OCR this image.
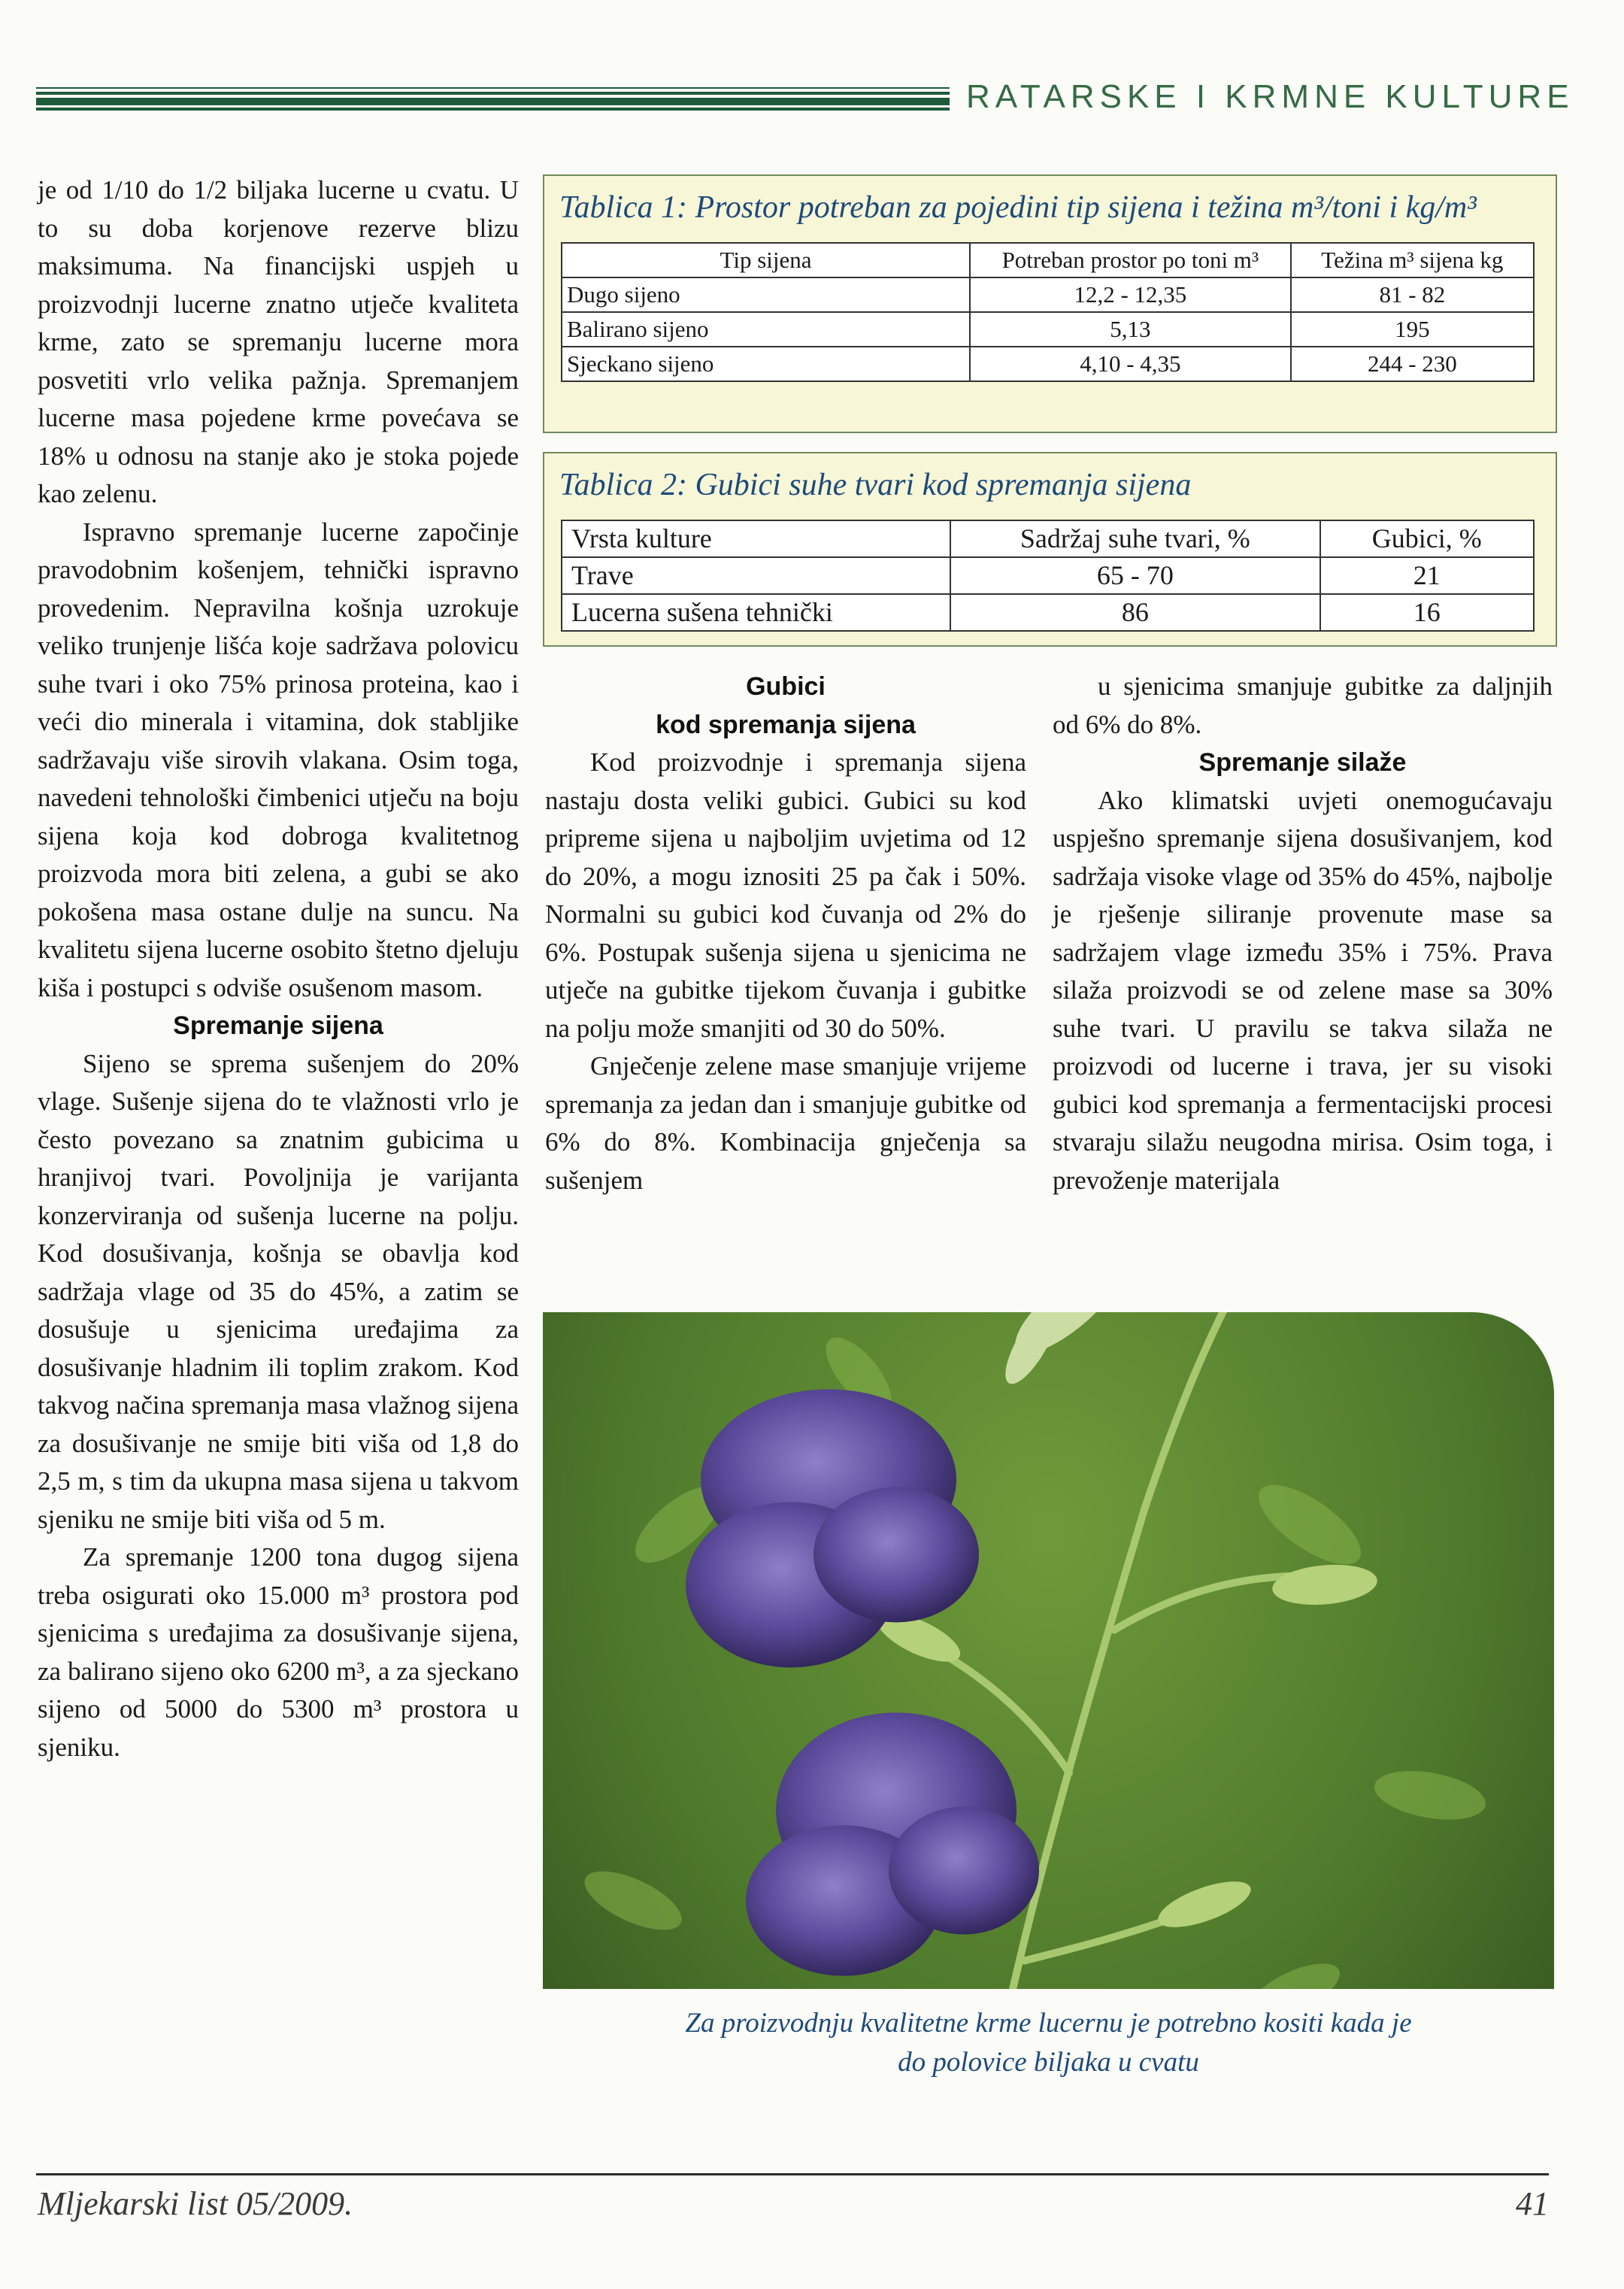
RATARSKE I KRMNE KULTURE

je od 1/10 do 1/2 biljaka lucerne u cvatu. U to su doba korjenove rezerve blizu maksimuma. Na financijski uspjeh u proizvodnji lucerne znatno utječe kvaliteta krme, zato se spremanju lucerne mora posvetiti vrlo velika pažnja. Spremanjem lucerne masa pojedene krme povećava se 18% u odnosu na stanje ako je stoka pojede kao zelenu.

Ispravno spremanje lucerne započinje pravodobnim košenjem, tehnički ispravno provedenim. Nepravilna košnja uzrokuje veliko trunjenje lišća koje sadržava polovicu suhe tvari i oko 75% prinosa proteina, kao i veći dio minerala i vitamina, dok stabljike sadržavaju više sirovih vlakana. Osim toga, navedeni tehnološki čimbenici utječu na boju sijena koja kod dobroga kvalitetnog proizvoda mora biti zelena, a gubi se ako pokošena masa ostane dulje na suncu. Na kvalitetu sijena lucerne osobito štetno djeluju kiša i postupci s odviše osušenom masom.

Spremanje sijena

Sijeno se sprema sušenjem do 20% vlage. Sušenje sijena do te vlažnosti vrlo je često povezano sa znatnim gubicima u hranjivoj tvari. Povoljnija je varijanta konzerviranja od sušenja lucerne na polju. Kod dosušivanja, košnja se obavlja kod sadržaja vlage od 35 do 45%, a zatim se dosušuje u sjenicima uređajima za dosušivanje hladnim ili toplim zrakom. Kod takvog načina spremanja masa vlažnog sijena za dosušivanje ne smije biti viša od 1,8 do 2,5 m, s tim da ukupna masa sijena u takvom sjeniku ne smije biti viša od 5 m.

Za spremanje 1200 tona dugog sijena treba osigurati oko 15.000 m³ prostora pod sjenicima s uređajima za dosušivanje sijena, za balirano sijeno oko 6200 m³, a za sjeckano sijeno od 5000 do 5300 m³ prostora u sjeniku.

Tablica 1: Prostor potreban za pojedini tip sijena i težina m³/toni i kg/m³
Tip sijena	Potreban prostor po toni m³	Težina m³ sijena kg
Dugo sijeno	12,2 - 12,35	81 - 82
Balirano sijeno	5,13	195
Sjeckano sijeno	4,10 - 4,35	244 - 230
Tablica 2: Gubici suhe tvari kod spremanja sijena
Vrsta kulture	Sadržaj suhe tvari, %	Gubici, %
Trave	65 - 70	21
Lucerna sušena tehnički	86	16
Gubici
kod spremanja sijena

Kod proizvodnje i spremanja sijena nastaju dosta veliki gubici. Gubici su kod pripreme sijena u najboljim uvjetima od 12 do 20%, a mogu iznositi 25 pa čak i 50%. Normalni su gubici kod čuvanja od 2% do 6%. Postupak sušenja sijena u sjenicima ne utječe na gubitke tijekom čuvanja i gubitke na polju može smanjiti od 30 do 50%.

Gnječenje zelene mase smanjuje vrijeme spremanja za jedan dan i smanjuje gubitke od 6% do 8%. Kombinacija gnječenja sa sušenjem

u sjenicima smanjuje gubitke za daljnjih od 6% do 8%.

Spremanje silaže

Ako klimatski uvjeti onemogućavaju uspješno spremanje sijena dosušivanjem, kod sadržaja visoke vlage od 35% do 45%, najbolje je rješenje siliranje provenute mase sa sadržajem vlage između 35% i 75%. Prava silaža proizvodi se od zelene mase sa 30% suhe tvari. U pravilu se takva silaža ne proizvodi od lucerne i trava, jer su visoki gubici kod spremanja a fermentacijski procesi stvaraju silažu neugodna mirisa. Osim toga, i prevoženje materijala

Za proizvodnju kvalitetne krme lucernu je potrebno kositi kada je
do polovice biljaka u cvatu
Mljekarski list 05/2009.	41
